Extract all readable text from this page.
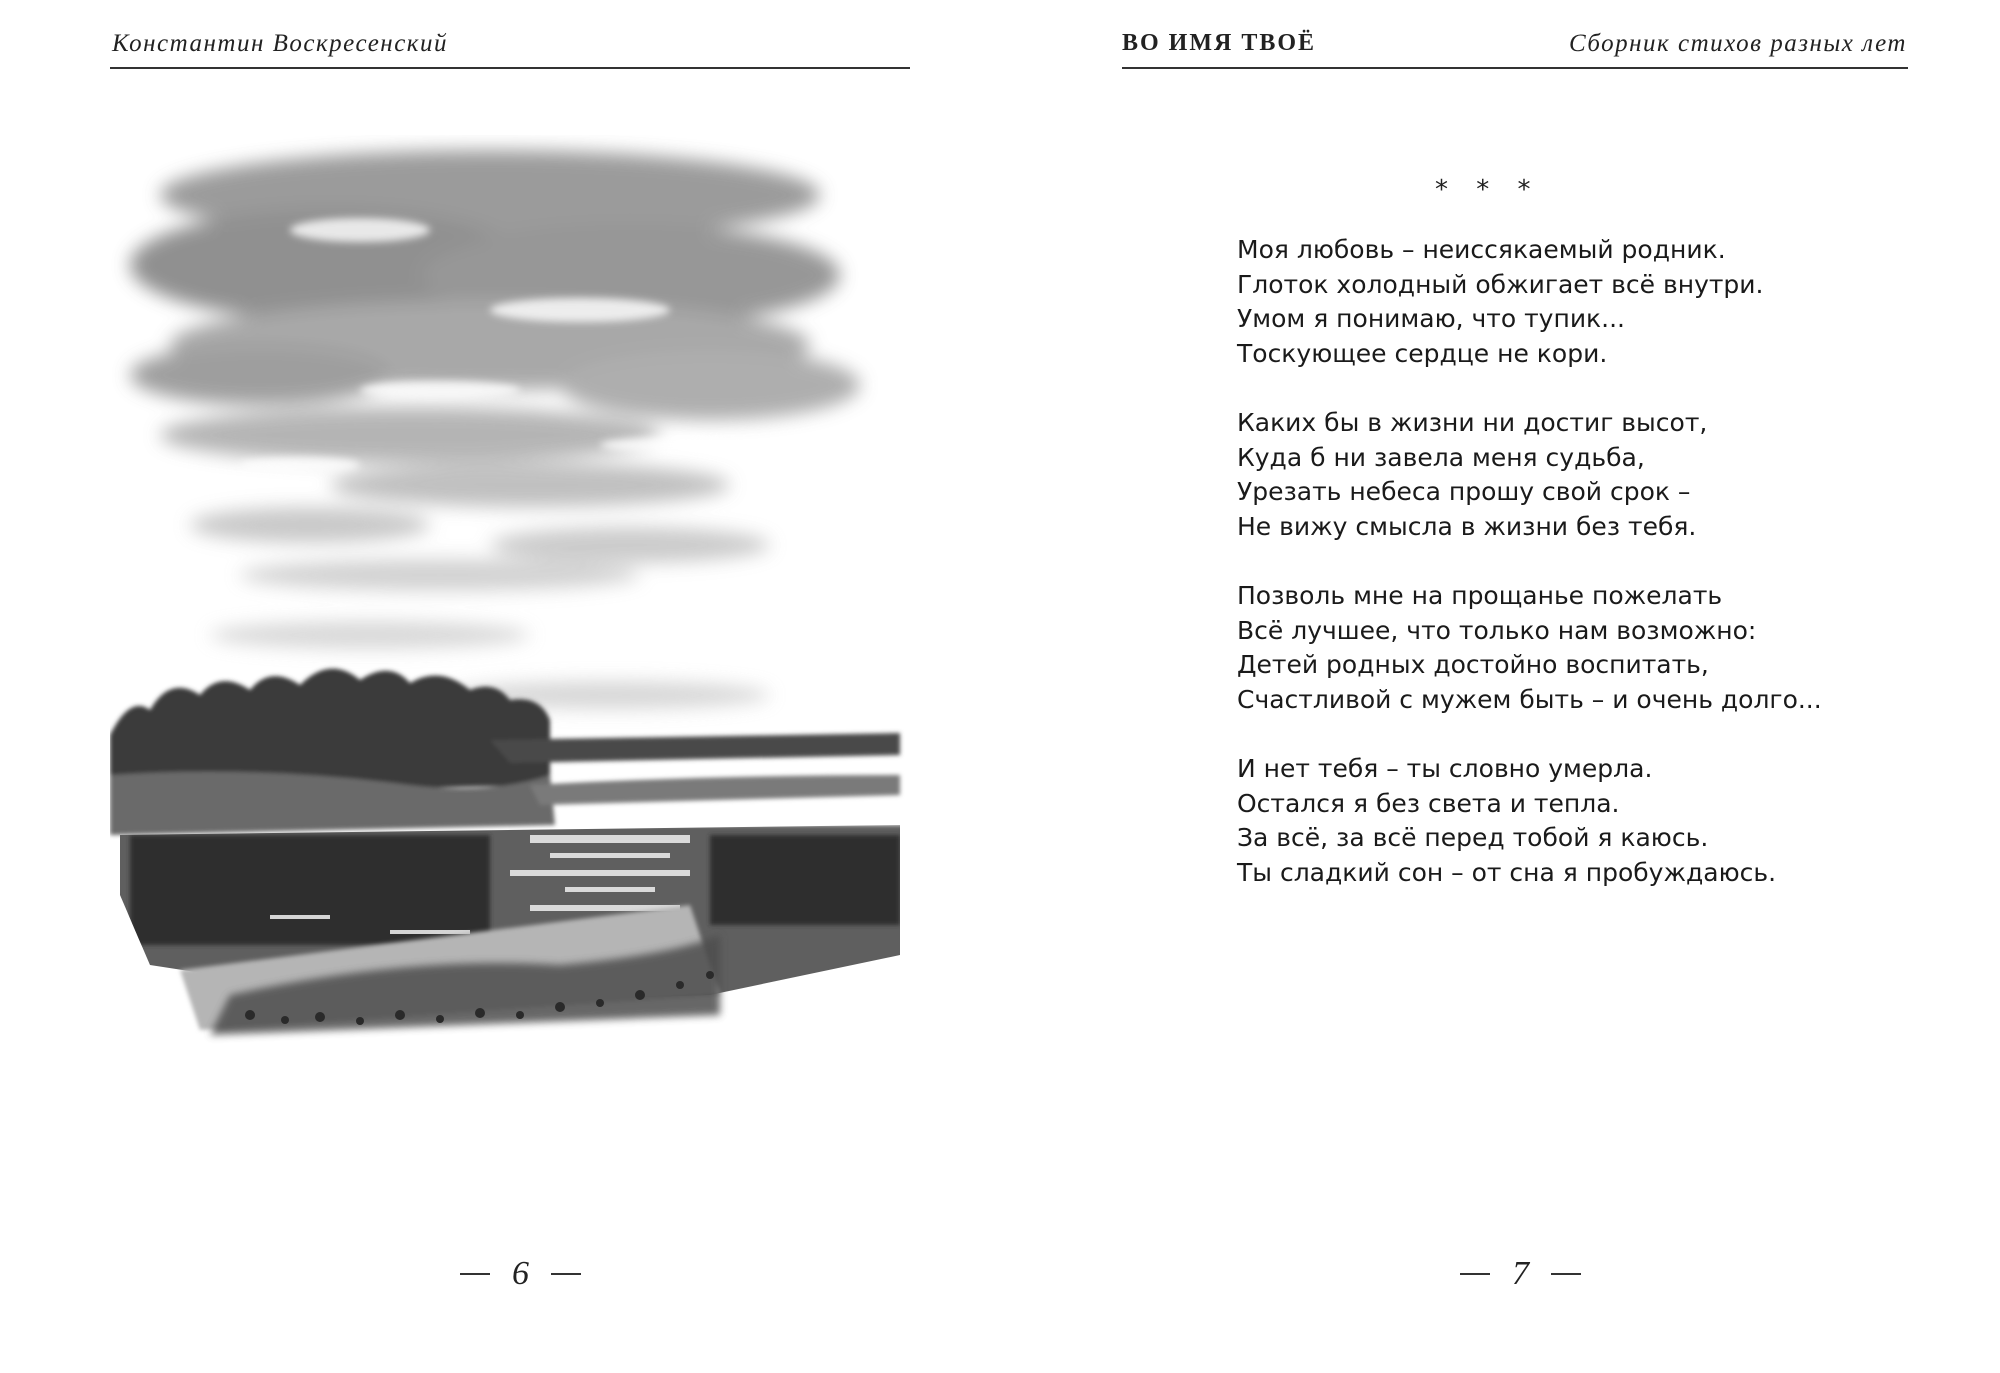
Константин Воскресенский
6
ВО ИМЯ ТВОЁ	Сборник стихов разных лет
* * *
Моя любовь – неиссякаемый родник.
Глоток холодный обжигает всё внутри.
Умом я понимаю, что тупик...
Тоскующее сердце не кори.
Каких бы в жизни ни достиг высот,
Куда б ни завела меня судьба,
Урезать небеса прошу свой срок –
Не вижу смысла в жизни без тебя.
Позволь мне на прощанье пожелать
Всё лучшее, что только нам возможно:
Детей родных достойно воспитать,
Счастливой с мужем быть – и очень долго...
И нет тебя – ты словно умерла.
Остался я без света и тепла.
За всё, за всё перед тобой я каюсь.
Ты сладкий сон – от сна я пробуждаюсь.
7
